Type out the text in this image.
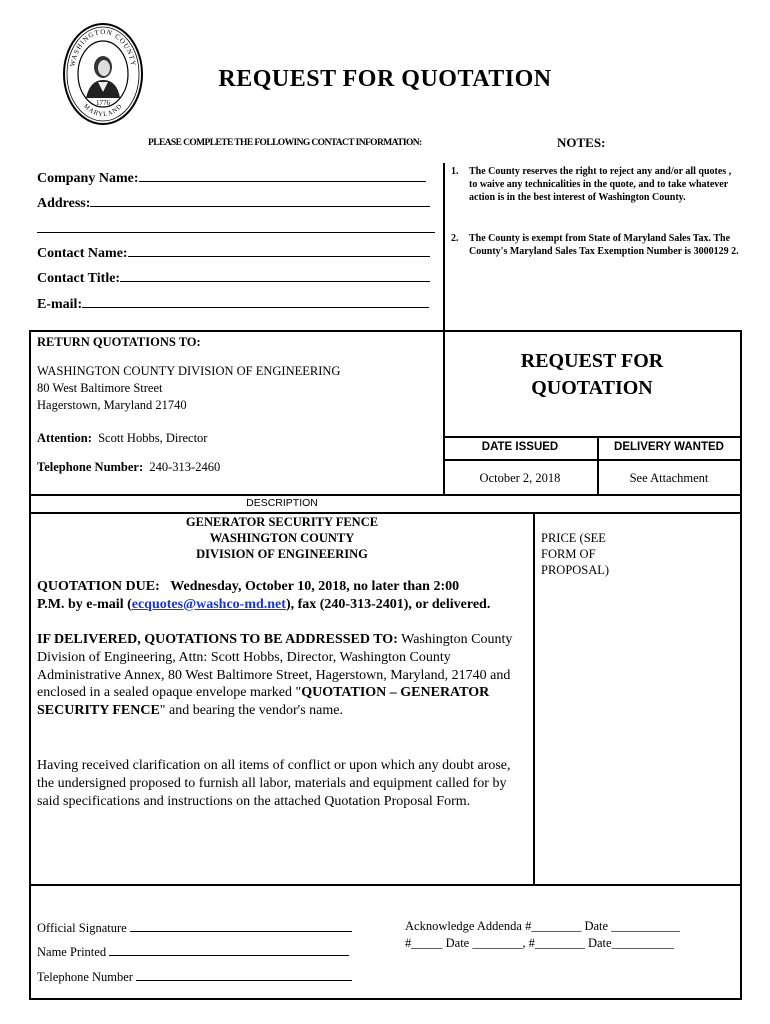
WASHINGTON COUNTY
MARYLAND
1776
REQUEST FOR QUOTATION
PLEASE COMPLETE THE FOLLOWING CONTACT INFORMATION:	NOTES:
Company Name:
Address:
Contact Name:
Contact Title:
E-mail:
1.	The County reserves the right to reject any and/or all quotes , to waive any technicalities in the quote, and to take whatever action is in the best interest of Washington County.
2.	The County is exempt from State of Maryland Sales Tax. The County's Maryland Sales Tax Exemption Number is 3000129 2.
RETURN QUOTATIONS TO:
WASHINGTON COUNTY DIVISION OF ENGINEERING
80 West Baltimore Street
Hagerstown, Maryland 21740
Attention: Scott Hobbs, Director
Telephone Number: 240-313-2460
REQUEST FOR
QUOTATION
DATE ISSUED	DELIVERY WANTED
October 2, 2018	See Attachment
DESCRIPTION
GENERATOR SECURITY FENCE
WASHINGTON COUNTY
DIVISION OF ENGINEERING
QUOTATION DUE: Wednesday, October 10, 2018, no later than 2:00
P.M. by e-mail (ecquotes@washco-md.net), fax (240-313-2401), or delivered.
IF DELIVERED, QUOTATIONS TO BE ADDRESSED TO: Washington County Division of Engineering, Attn: Scott Hobbs, Director, Washington County Administrative Annex, 80 West Baltimore Street, Hagerstown, Maryland, 21740 and enclosed in a sealed opaque envelope marked "QUOTATION – GENERATOR SECURITY FENCE" and bearing the vendor's name.
Having received clarification on all items of conflict or upon which any doubt arose, the undersigned proposed to furnish all labor, materials and equipment called for by said specifications and instructions on the attached Quotation Proposal Form.
PRICE (SEE
FORM OF
PROPOSAL)
Official Signature
Name Printed
Telephone Number
Acknowledge Addenda #________ Date ___________
#_____ Date ________, #________ Date__________
